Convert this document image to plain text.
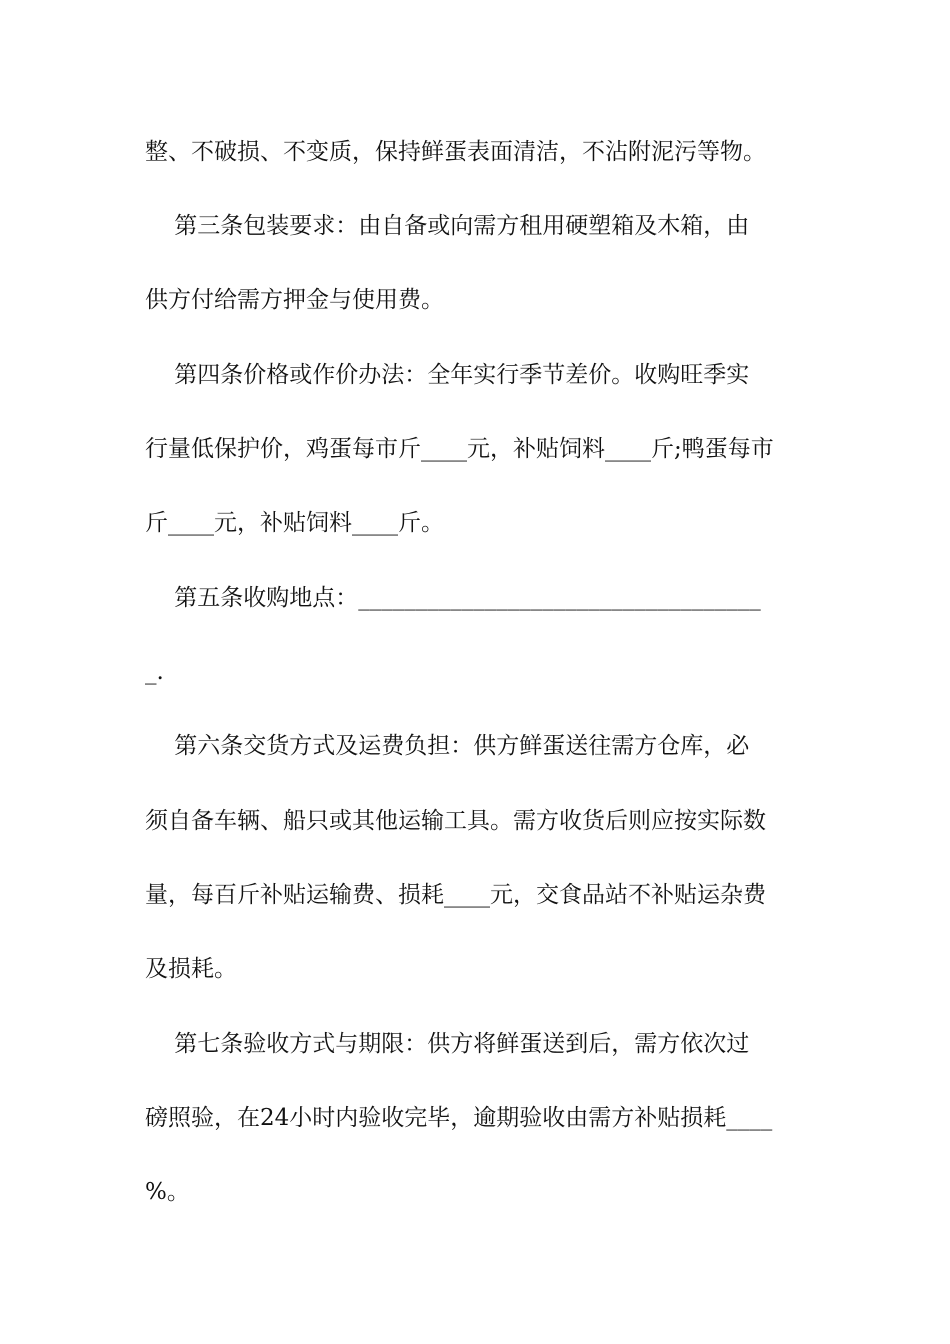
整、不破损、不变质，保持鲜蛋表面清洁，不沾附泥污等物。
第三条包装要求：由自备或向需方租用硬塑箱及木箱，由
供方付给需方押金与使用费。
第四条价格或作价办法：全年实行季节差价。收购旺季实
行量低保护价，鸡蛋每市斤____元，补贴饲料____斤;鸭蛋每市
斤____元，补贴饲料____斤。
第五条收购地点：___________________________________
_.
第六条交货方式及运费负担：供方鲜蛋送往需方仓库，必
须自备车辆、船只或其他运输工具。需方收货后则应按实际数
量，每百斤补贴运输费、损耗____元，交食品站不补贴运杂费
及损耗。
第七条验收方式与期限：供方将鲜蛋送到后，需方依次过
磅照验，在24小时内验收完毕，逾期验收由需方补贴损耗____
%。
